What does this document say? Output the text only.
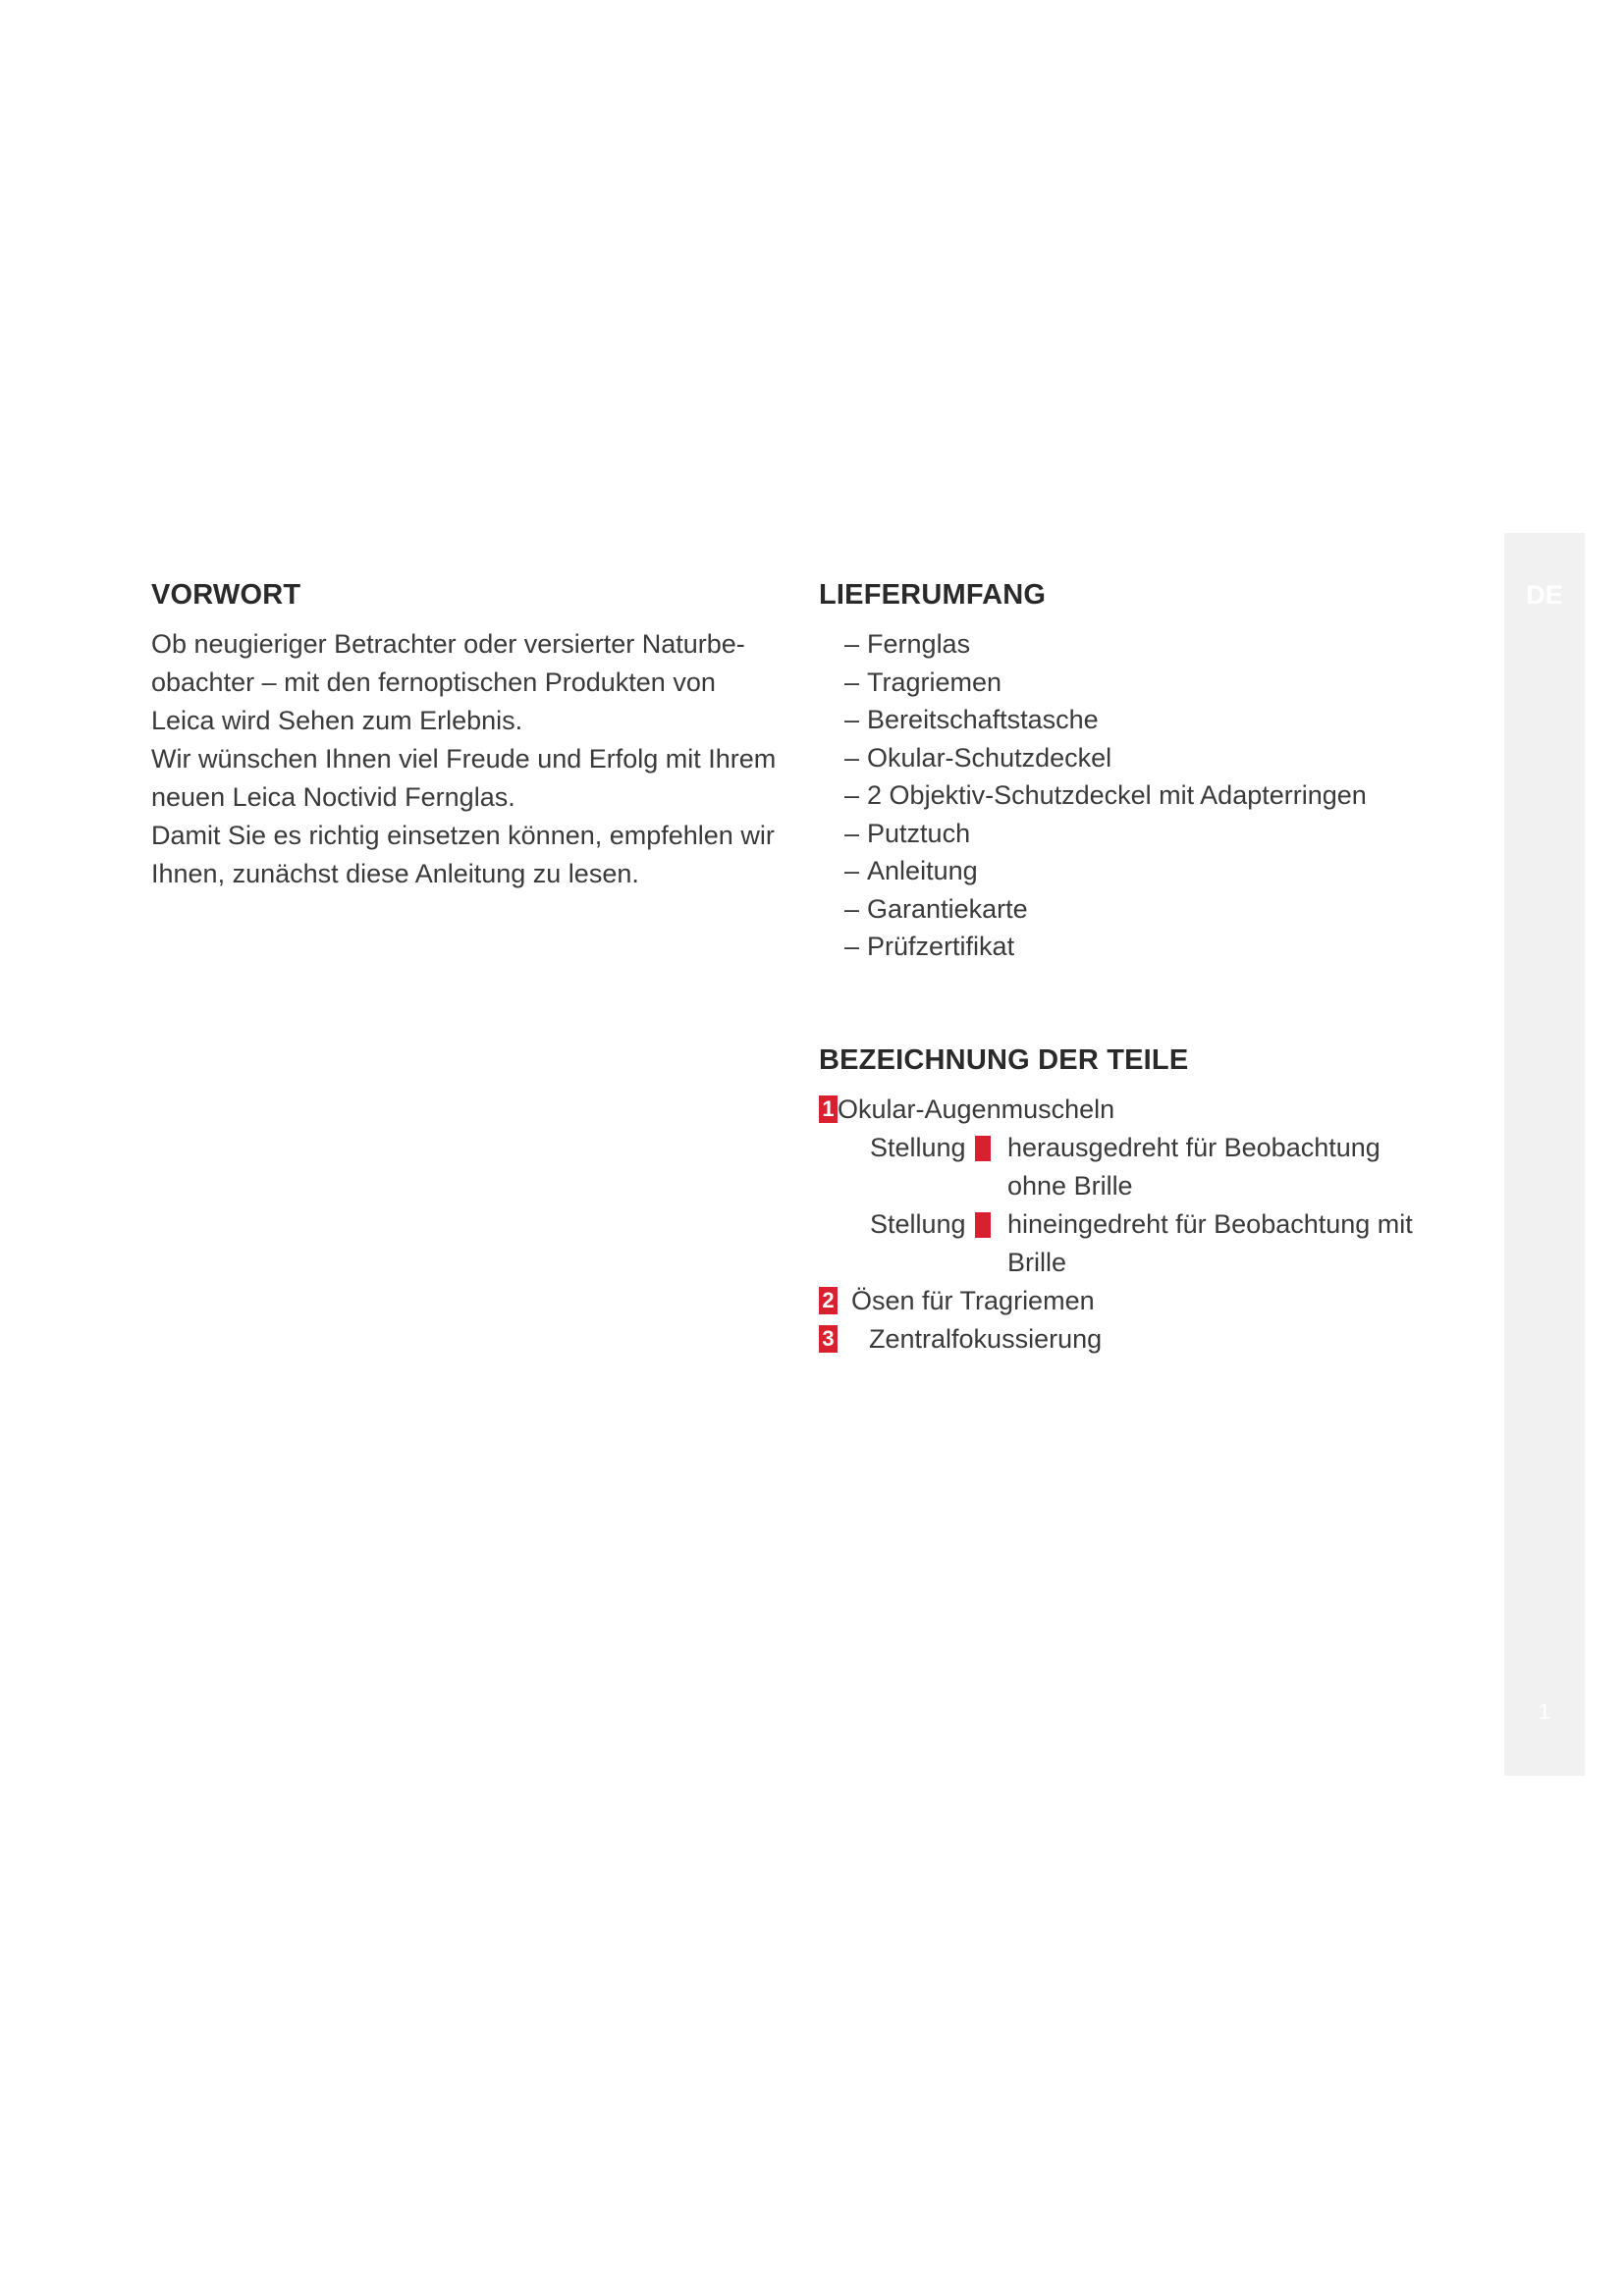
VORWORT

Ob neugieriger Betrachter oder versierter Naturbe-obachter – mit den fernoptischen Produkten von Leica wird Sehen zum Erlebnis.

Wir wünschen Ihnen viel Freude und Erfolg mit Ihrem neuen Leica Noctivid Fernglas.

Damit Sie es richtig einsetzen können, empfehlen wir Ihnen, zunächst diese Anleitung zu lesen.

LIEFERUMFANG
– Fernglas
– Tragriemen
– Bereitschaftstasche
– Okular-Schutzdeckel
– 2 Objektiv-Schutzdeckel mit Adapterringen
– Putztuch
– Anleitung
– Garantiekarte
– Prüfzertifikat
BEZEICHNUNG DER TEILE
1 Okular-Augenmuscheln
Stellung	herausgedreht für Beobachtung
ohne Brille
Stellung	hineingedreht für Beobachtung mit
Brille
2 Ösen für Tragriemen
3 Zentralfokussierung
DE
1
